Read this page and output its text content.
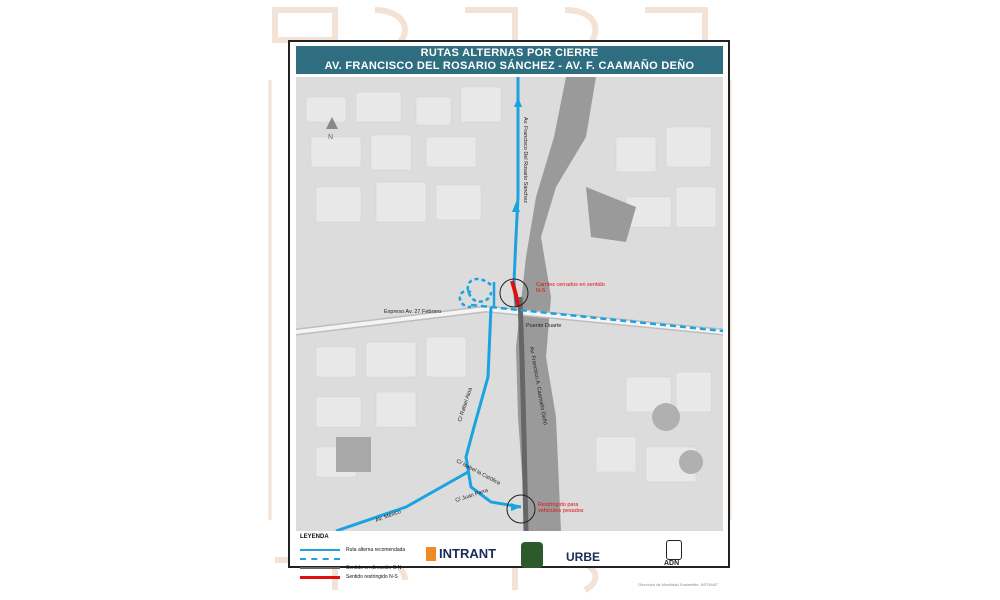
RUTAS ALTERNAS POR CIERRE
AV. FRANCISCO DEL ROSARIO SÁNCHEZ - AV. F. CAAMAÑO DEÑO
N	Av. Francisco Del Rosario Sánchez
Expreso Av. 27 Febrero
Puente Duarte
Av. Francisco A. Caamaño Deñó
C/ Rafael Atoa
C/ Isabel la Católica
C/ Juan Parra
AV. México
Carriles cerrados en sentido N-S
Restringido para vehículos pesados
LEYENDA
Ruta alterna recomendada
Sentido en dirección S-N
Sentido restringido N-S
INTRANT	URBE	ADN
Dirección de Movilidad Sostenible, INTRANT
